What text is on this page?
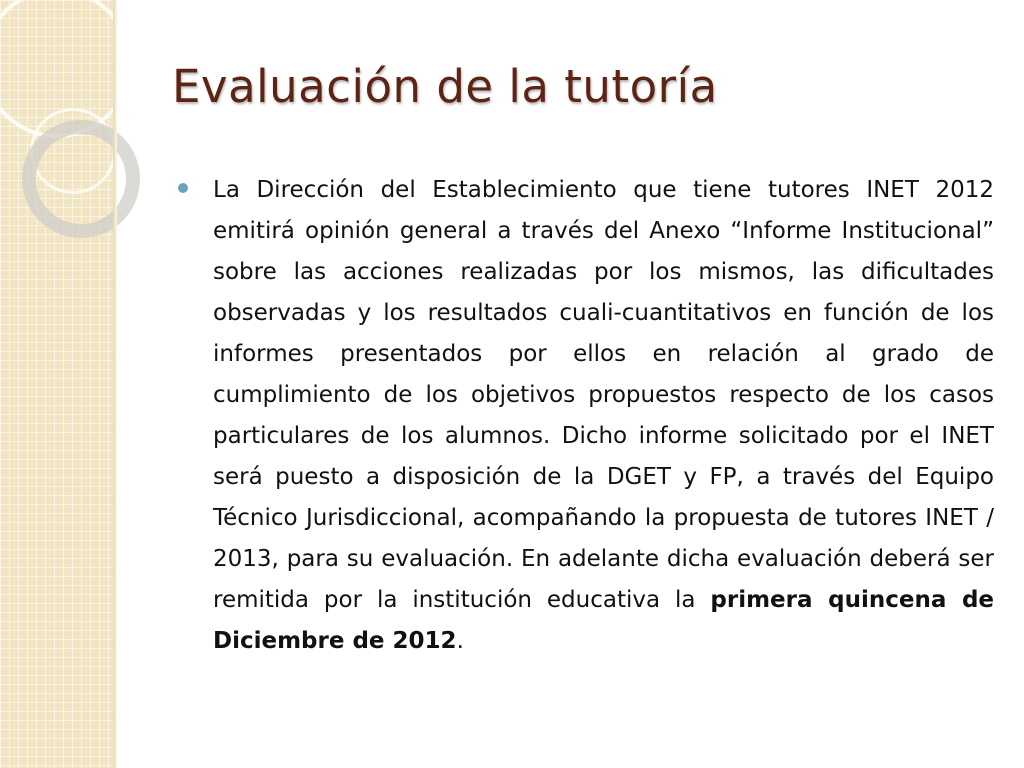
Evaluación de la tutoría

La Dirección del Establecimiento que tiene tutores INET 2012 emitirá opinión general a través del Anexo “Informe Institucional” sobre las acciones realizadas por los mismos, las dificultades observadas y los resultados cuali-cuantitativos en función de los informes presentados por ellos en relación al grado de cumplimiento de los objetivos propuestos respecto de los casos particulares de los alumnos. Dicho informe solicitado por el INET será puesto a disposición de la DGET y FP, a través del Equipo Técnico Jurisdiccional, acompañando la propuesta de tutores INET / 2013, para su evaluación. En adelante dicha evaluación deberá ser remitida por la institución educativa la primera quincena de Diciembre de 2012.
